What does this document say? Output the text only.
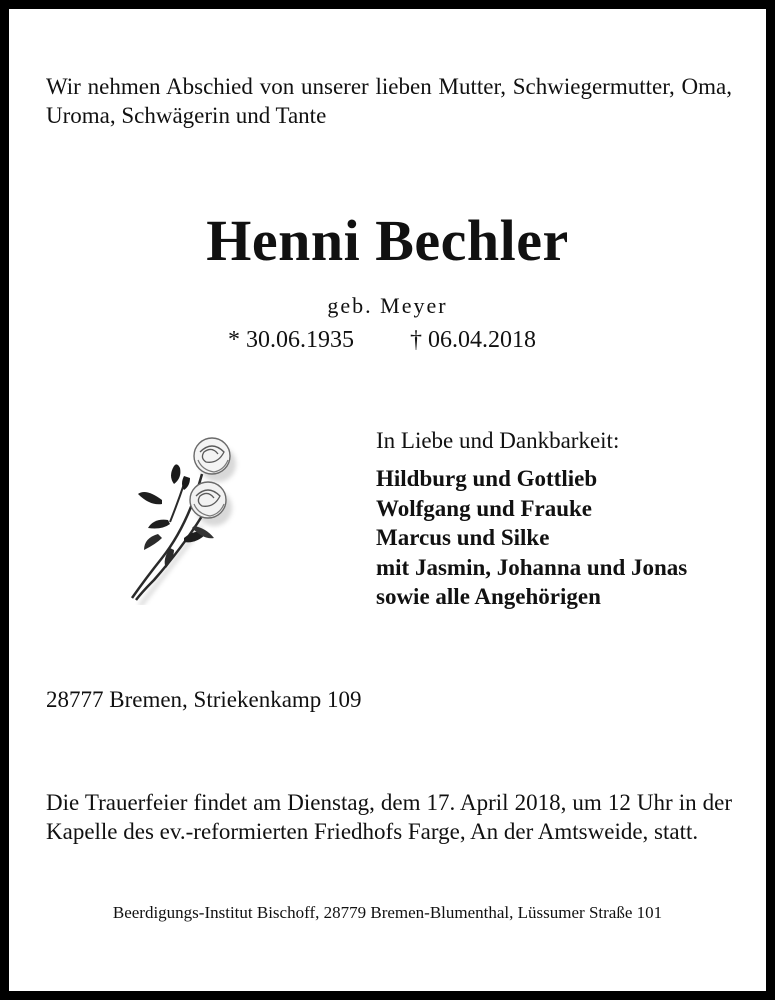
Wir nehmen Abschied von unserer lieben Mutter, Schwiegermutter, Oma, Uroma, Schwägerin und Tante
Henni Bechler
geb. Meyer
* 30.06.1935 † 06.04.2018
In Liebe und Dankbarkeit:
Hildburg und Gottlieb
Wolfgang und Frauke
Marcus und Silke
mit Jasmin, Johanna und Jonas
sowie alle Angehörigen
28777 Bremen, Striekenkamp 109
Die Trauerfeier findet am Dienstag, dem 17. April 2018, um 12 Uhr in der Kapelle des ev.-reformierten Friedhofs Farge, An der Amtsweide, statt.
Beerdigungs-Institut Bischoff, 28779 Bremen-Blumenthal, Lüssumer Straße 101
